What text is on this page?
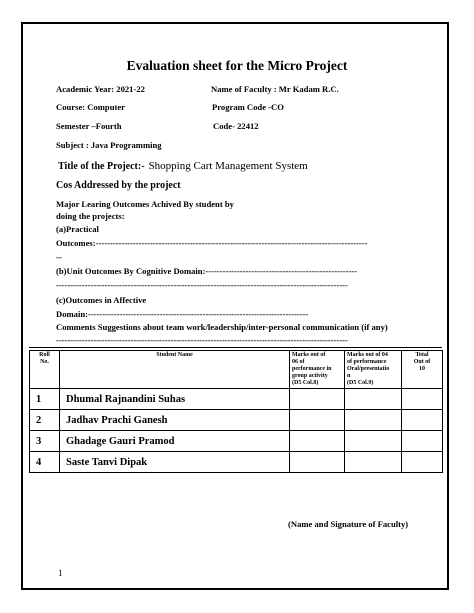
Evaluation sheet for the Micro Project
Academic Year: 2021-22	Name of Faculty : Mr Kadam R.C.
Course: Computer	Program Code -CO
Semester –Fourth	Code- 22412
Subject : Java Programming
Title of the Project:- Shopping Cart Management System
Cos Addressed by the project
Major Learing Outcomes Achived By student by
doing the projects:
(a)Practical
Outcomes:-----------------------------------------------------------------------------------------------
--
(b)Unit Outcomes By Cognitive Domain:-----------------------------------------------------
------------------------------------------------------------------------------------------------------
(c)Outcomes in Affective
Domain:-----------------------------------------------------------------------------
Comments Suggestions about team work/leadership/inter-personal communication (if any)
------------------------------------------------------------------------------------------------------
Roll
No.	Student Name	Marks out of
06 of
performance in
group activity
(D5 Col.8)	Marks out of 04
of performance
Oral/presentatio
n
(D5 Col.9)	Total
Out of
10
1	Dhumal Rajnandini Suhas			
2	Jadhav Prachi Ganesh			
3	Ghadage Gauri Pramod			
4	Saste Tanvi Dipak			
(Name and Signature of Faculty)
1
